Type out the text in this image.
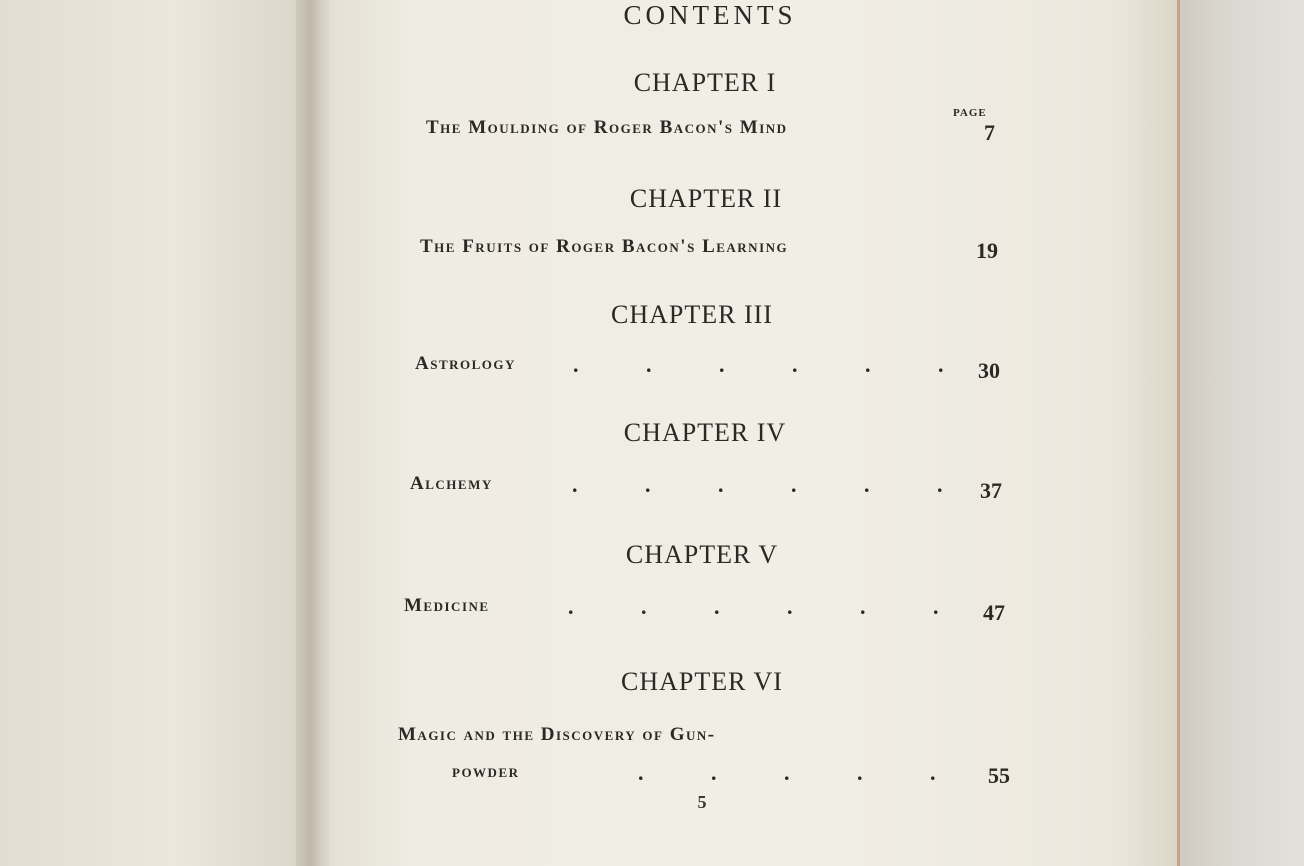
CONTENTS
CHAPTER I
PAGE
The Moulding of Roger Bacon's Mind	7
CHAPTER II
The Fruits of Roger Bacon's Learning	19
CHAPTER III
Astrology	.	.	.	.	.	.	30
CHAPTER IV
Alchemy	.	.	.	.	.	.	37
CHAPTER V
Medicine	.	.	.	.	.	.	47
CHAPTER VI
Magic and the Discovery of Gun-
powder	.	.	.	.	.	55
5
